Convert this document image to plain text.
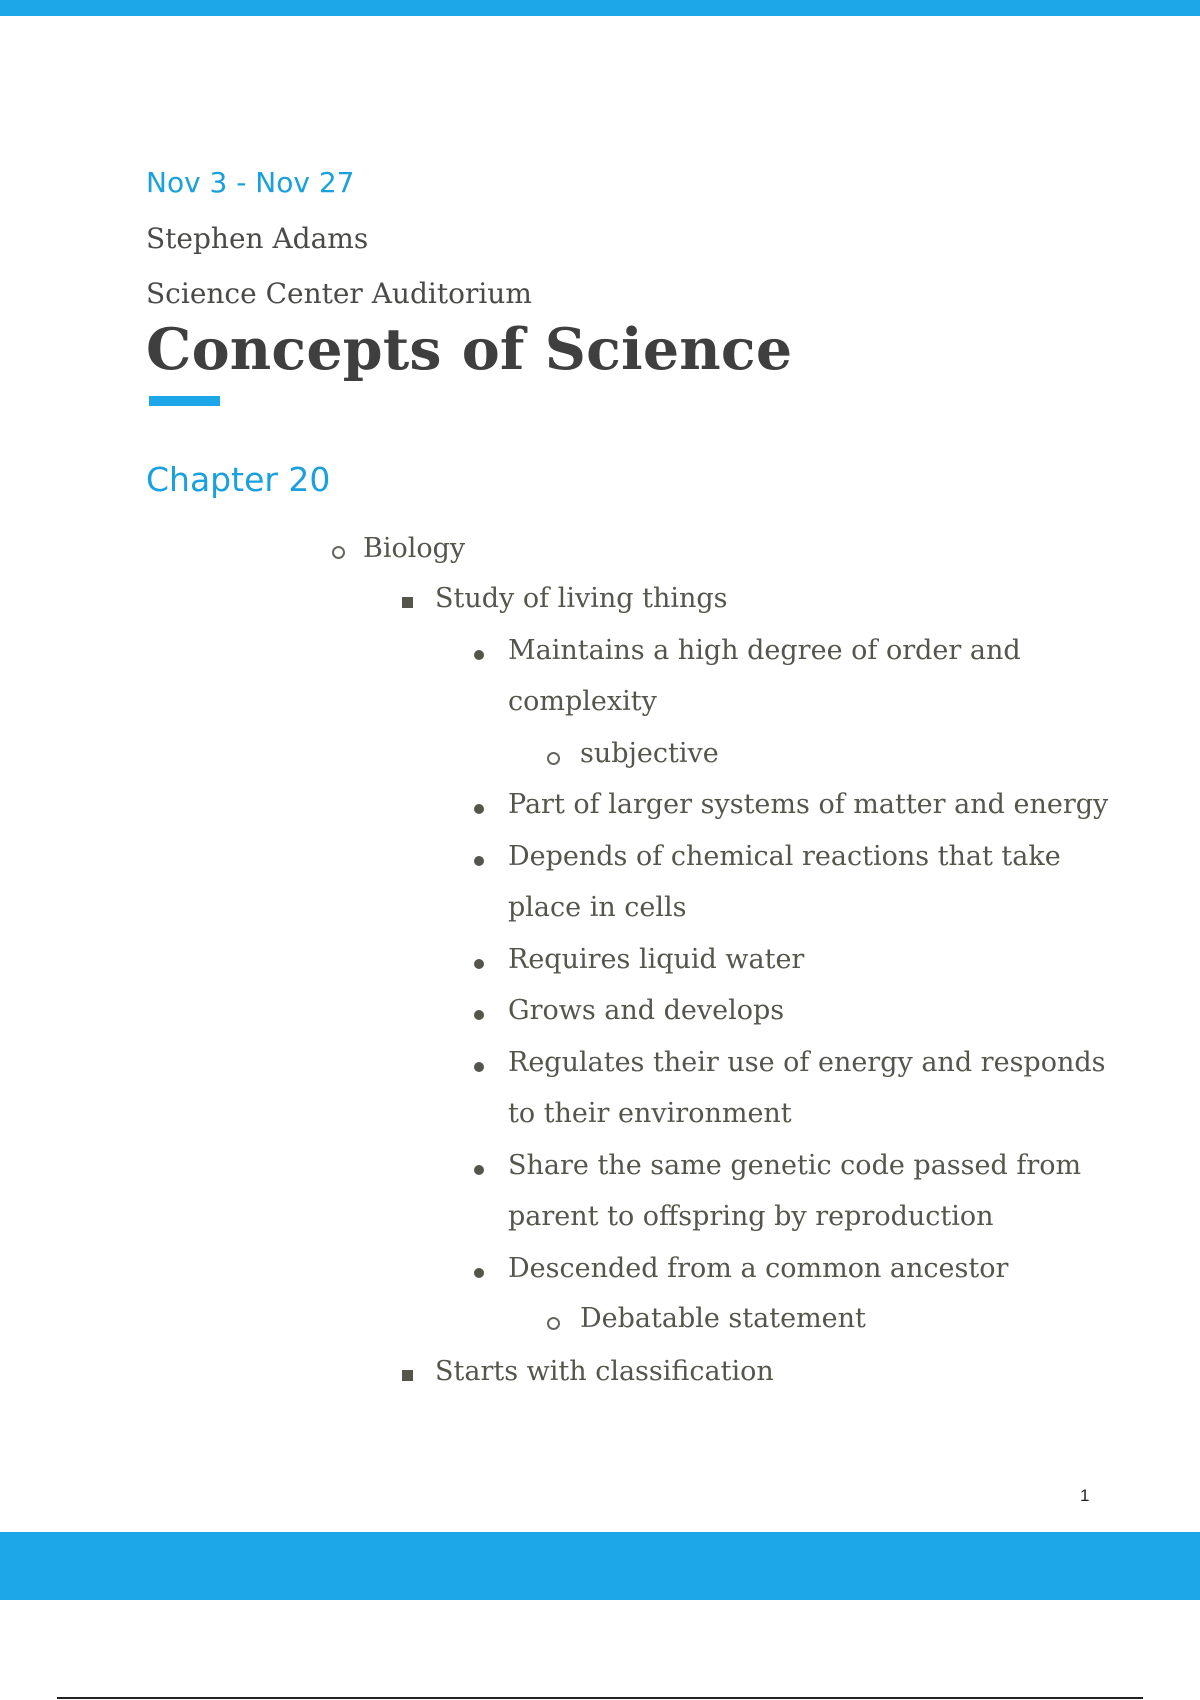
Nov 3 - Nov 27
Stephen Adams
Science Center Auditorium
Concepts of Science
Chapter 20
Biology
Study of living things
Maintains a high degree of order and
complexity
subjective
Part of larger systems of matter and energy
Depends of chemical reactions that take
place in cells
Requires liquid water
Grows and develops
Regulates their use of energy and responds
to their environment
Share the same genetic code passed from
parent to offspring by reproduction
Descended from a common ancestor
Debatable statement
Starts with classification
1
